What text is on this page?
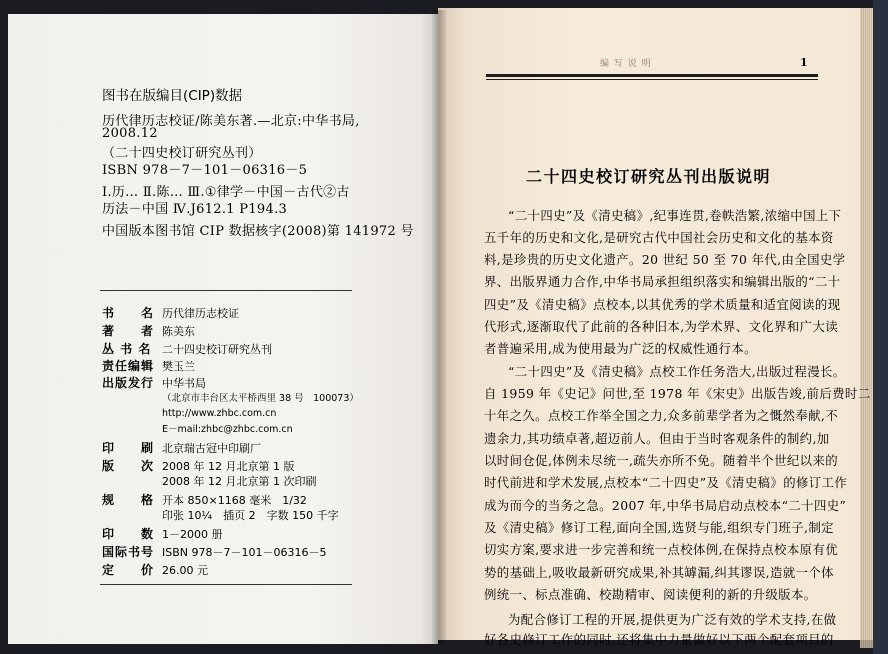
图书在版编目(CIP)数据
历代律历志校证/陈美东著.—北京:中华书局,
2008.12
（二十四史校订研究丛刊）
ISBN 978－7－101－06316－5
Ⅰ.历… Ⅱ.陈… Ⅲ.①律学－中国－古代②古
历法－中国 Ⅳ.J612.1 P194.3
中国版本图书馆 CIP 数据核字(2008)第 141972 号
书　　名 历代律历志校证
著　　者 陈美东
丛 书 名 二十四史校订研究丛刊
责任编辑 樊玉兰
出版发行 中华书局
（北京市丰台区太平桥西里 38 号　100073）
http://www.zhbc.com.cn
E－mail:zhbc@zhbc.com.cn
印　　刷 北京瑞古冠中印刷厂
版　　次 2008 年 12 月北京第 1 版
2008 年 12 月北京第 1 次印刷
规　　格 开本 850×1168 毫米　1/32
印张 10¼　插页 2　字数 150 千字
印　　数 1－2000 册
国际书号 ISBN 978－7－101－06316－5
定　　价 26.00 元
编 写 说 明	1
二十四史校订研究丛刊出版说明
“二十四史”及《清史稿》,纪事连贯,卷帙浩繁,浓缩中国上下
五千年的历史和文化,是研究古代中国社会历史和文化的基本资
料,是珍贵的历史文化遗产。20 世纪 50 至 70 年代,由全国史学
界、出版界通力合作,中华书局承担组织落实和编辑出版的“二十
四史”及《清史稿》点校本,以其优秀的学术质量和适宜阅读的现
代形式,逐渐取代了此前的各种旧本,为学术界、文化界和广大读
者普遍采用,成为使用最为广泛的权威性通行本。
“二十四史”及《清史稿》点校工作任务浩大,出版过程漫长。
自 1959 年《史记》问世,至 1978 年《宋史》出版告竣,前后费时二
十年之久。点校工作举全国之力,众多前辈学者为之慨然奉献,不
遗余力,其功绩卓著,超迈前人。但由于当时客观条件的制约,加
以时间仓促,体例未尽统一,疏失亦所不免。随着半个世纪以来的
时代前进和学术发展,点校本“二十四史”及《清史稿》的修订工作
成为而今的当务之急。2007 年,中华书局启动点校本“二十四史”
及《清史稿》修订工程,面向全国,选贤与能,组织专门班子,制定
切实方案,要求进一步完善和统一点校体例,在保持点校本原有优
势的基础上,吸收最新研究成果,补其罅漏,纠其谬误,造就一个体
例统一、标点准确、校勘精审、阅读便利的新的升级版本。
为配合修订工程的开展,提供更为广泛有效的学术支持,在做
好各史修订工作的同时,还将集中力量做好以下两个配套项目的
